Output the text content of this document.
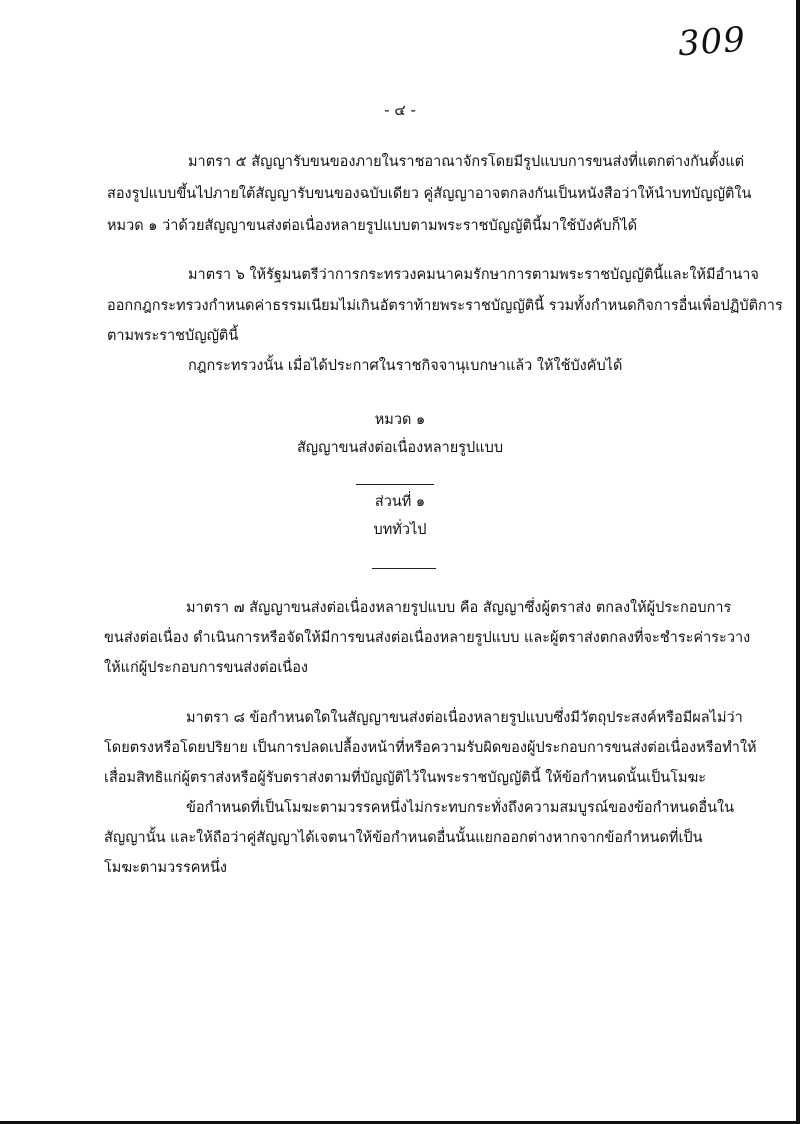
309
- ๔ -
มาตรา ๕ สัญญารับขนของภายในราชอาณาจักรโดยมีรูปแบบการขนส่งที่แตกต่างกันตั้งแต่
สองรูปแบบขึ้นไปภายใต้สัญญารับขนของฉบับเดียว คู่สัญญาอาจตกลงกันเป็นหนังสือว่าให้นำบทบัญญัติใน
หมวด ๑ ว่าด้วยสัญญาขนส่งต่อเนื่องหลายรูปแบบตามพระราชบัญญัตินี้มาใช้บังคับก็ได้
มาตรา ๖ ให้รัฐมนตรีว่าการกระทรวงคมนาคมรักษาการตามพระราชบัญญัตินี้และให้มีอำนาจ
ออกกฎกระทรวงกำหนดค่าธรรมเนียมไม่เกินอัตราท้ายพระราชบัญญัตินี้ รวมทั้งกำหนดกิจการอื่นเพื่อปฏิบัติการ
ตามพระราชบัญญัตินี้
กฎกระทรวงนั้น เมื่อได้ประกาศในราชกิจจานุเบกษาแล้ว ให้ใช้บังคับได้
หมวด ๑
สัญญาขนส่งต่อเนื่องหลายรูปแบบ
ส่วนที่ ๑
บททั่วไป
มาตรา ๗ สัญญาขนส่งต่อเนื่องหลายรูปแบบ คือ สัญญาซึ่งผู้ตราส่ง ตกลงให้ผู้ประกอบการ
ขนส่งต่อเนื่อง ดำเนินการหรือจัดให้มีการขนส่งต่อเนื่องหลายรูปแบบ และผู้ตราส่งตกลงที่จะชำระค่าระวาง
ให้แก่ผู้ประกอบการขนส่งต่อเนื่อง
มาตรา ๘ ข้อกำหนดใดในสัญญาขนส่งต่อเนื่องหลายรูปแบบซึ่งมีวัตถุประสงค์หรือมีผลไม่ว่า
โดยตรงหรือโดยปริยาย เป็นการปลดเปลื้องหน้าที่หรือความรับผิดของผู้ประกอบการขนส่งต่อเนื่องหรือทำให้
เสื่อมสิทธิแก่ผู้ตราส่งหรือผู้รับตราส่งตามที่บัญญัติไว้ในพระราชบัญญัตินี้ ให้ข้อกำหนดนั้นเป็นโมฆะ
ข้อกำหนดที่เป็นโมฆะตามวรรคหนึ่งไม่กระทบกระทั่งถึงความสมบูรณ์ของข้อกำหนดอื่นใน
สัญญานั้น และให้ถือว่าคู่สัญญาได้เจตนาให้ข้อกำหนดอื่นนั้นแยกออกต่างหากจากข้อกำหนดที่เป็น
โมฆะตามวรรคหนึ่ง
